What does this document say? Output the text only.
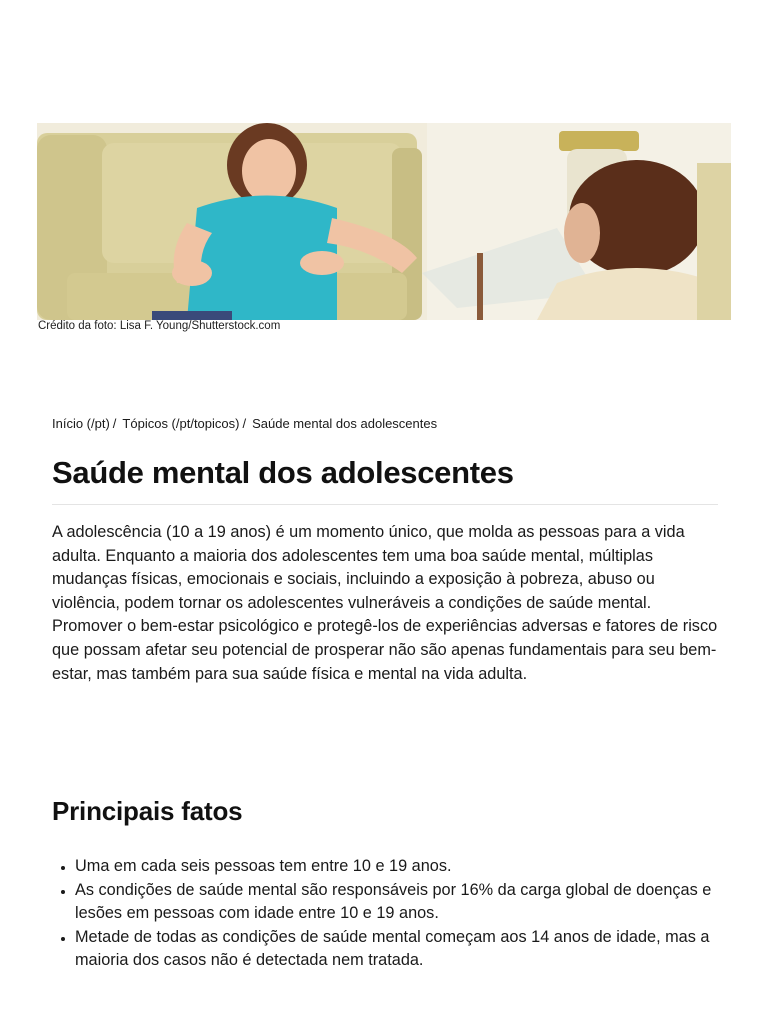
Crédito da foto: Lisa F. Young/Shutterstock.com
Início (/pt) / Tópicos (/pt/topicos) / Saúde mental dos adolescentes
Saúde mental dos adolescentes

A adolescência (10 a 19 anos) é um momento único, que molda as pessoas para a vida adulta. Enquanto a maioria dos adolescentes tem uma boa saúde mental, múltiplas mudanças físicas, emocionais e sociais, incluindo a exposição à pobreza, abuso ou violência, podem tornar os adolescentes vulneráveis a condições de saúde mental. Promover o bem-estar psicológico e protegê-los de experiências adversas e fatores de risco que possam afetar seu potencial de prosperar não são apenas fundamentais para seu bem-estar, mas também para sua saúde física e mental na vida adulta.

Principais fatos
• Uma em cada seis pessoas tem entre 10 e 19 anos.
• As condições de saúde mental são responsáveis por 16% da carga global de doenças e lesões em pessoas com idade entre 10 e 19 anos.
• Metade de todas as condições de saúde mental começam aos 14 anos de idade, mas a maioria dos casos não é detectada nem tratada.
